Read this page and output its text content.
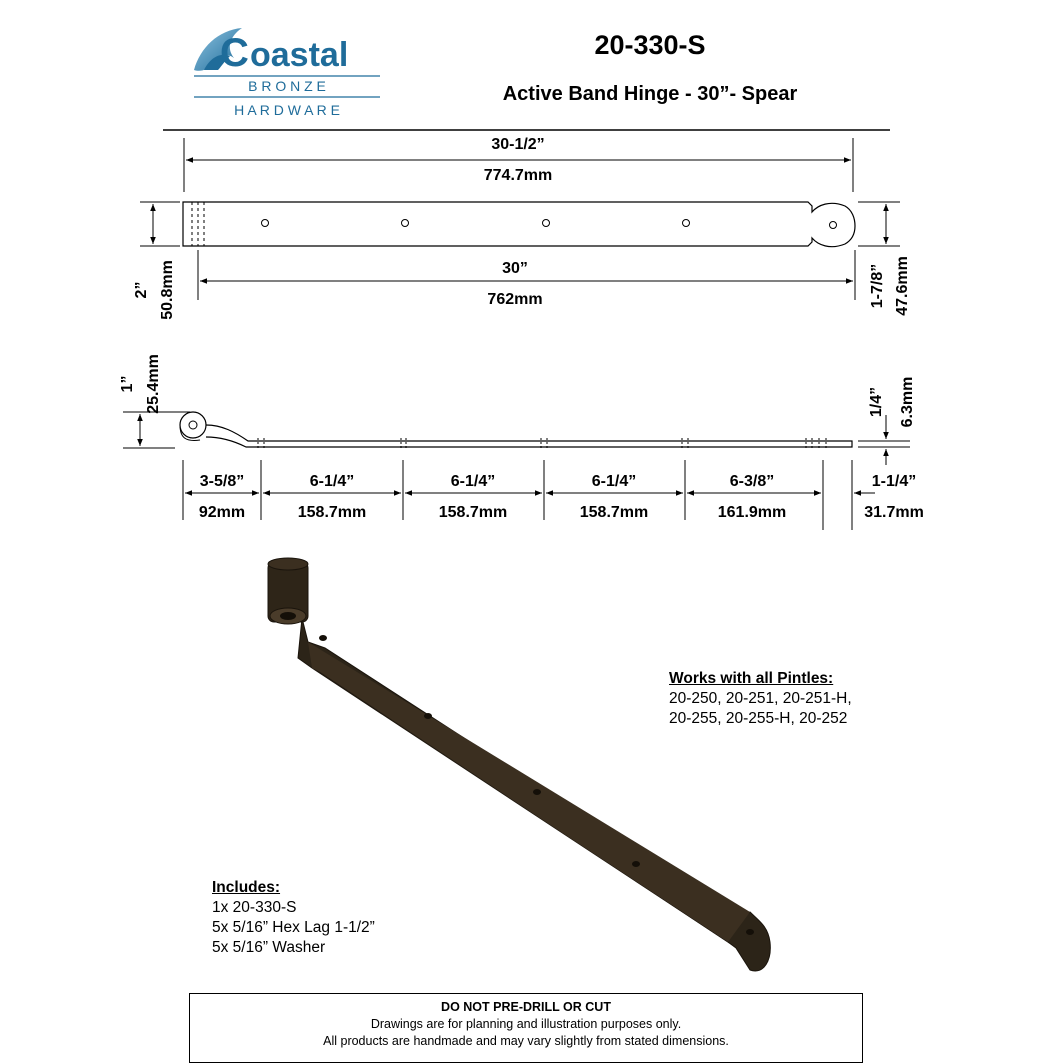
C oastal
B R O N Z E
H A R D W A R E
20-330-S
Active Band Hinge - 30”- Spear
30-1/2”
774.7mm
2” 50.8mm	1-7/8” 47.6mm
30”
762mm
1” 25.4mm	1/4” 6.3mm
3-5/8”
92mm
6-1/4”
158.7mm
6-1/4”
158.7mm
6-1/4”
158.7mm
6-3/8”
161.9mm
1-1/4”
31.7mm
Works with all Pintles:
20-250, 20-251, 20-251-H,
20-255, 20-255-H, 20-252
Includes:
1x 20-330-S
5x 5/16” Hex Lag 1-1/2”
5x 5/16” Washer
DO NOT PRE-DRILL OR CUT
Drawings are for planning and illustration purposes only.
All products are handmade and may vary slightly from stated dimensions.
